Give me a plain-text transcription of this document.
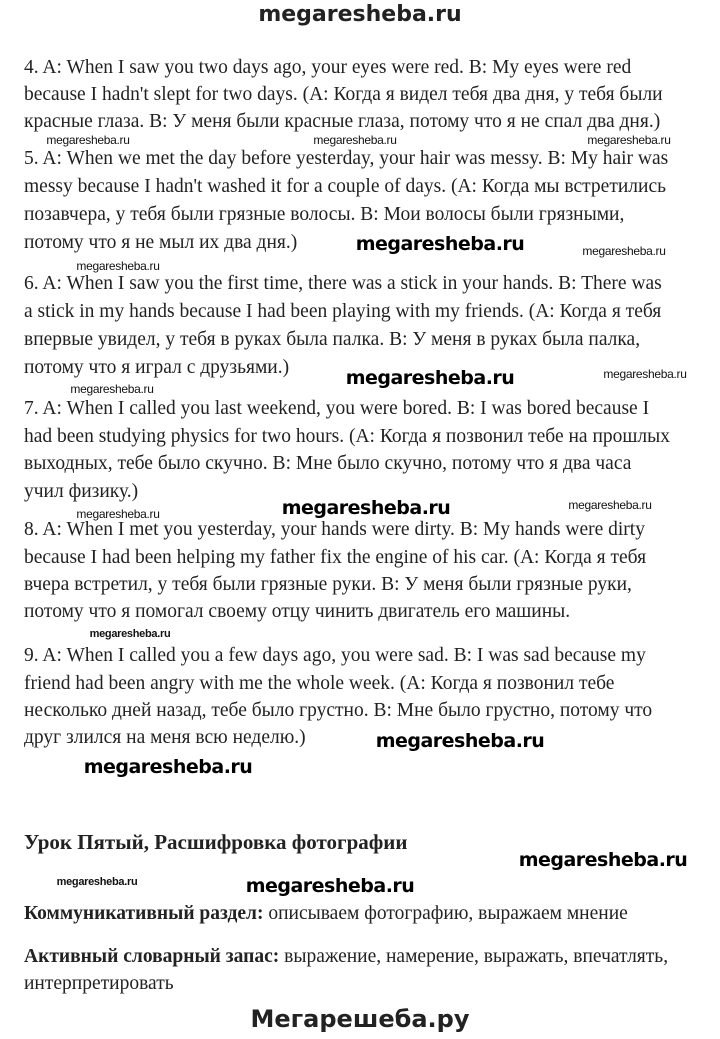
megaresheba.ru
4. A: When I saw you two days ago, your eyes were red. B: My eyes were red
because I hadn't slept for two days. (A: Когда я видел тебя два дня, у тебя были
красные глаза. B: У меня были красные глаза, потому что я не спал два дня.)
5. A: When we met the day before yesterday, your hair was messy. B: My hair was
messy because I hadn't washed it for a couple of days. (A: Когда мы встретились
позавчера, у тебя были грязные волосы. B: Мои волосы были грязными,
потому что я не мыл их два дня.)
6. A: When I saw you the first time, there was a stick in your hands. B: There was
a stick in my hands because I had been playing with my friends. (A: Когда я тебя
впервые увидел, у тебя в руках была палка. B: У меня в руках была палка,
потому что я играл с друзьями.)
7. A: When I called you last weekend, you were bored. B: I was bored because I
had been studying physics for two hours. (A: Когда я позвонил тебе на прошлых
выходных, тебе было скучно. B: Мне было скучно, потому что я два часа
учил физику.)
8. A: When I met you yesterday, your hands were dirty. B: My hands were dirty
because I had been helping my father fix the engine of his car. (A: Когда я тебя
вчера встретил, у тебя были грязные руки. B: У меня были грязные руки,
потому что я помогал своему отцу чинить двигатель его машины.
9. A: When I called you a few days ago, you were sad. B: I was sad because my
friend had been angry with me the whole week. (A: Когда я позвонил тебе
несколько дней назад, тебе было грустно. B: Мне было грустно, потому что
друг злился на меня всю неделю.)
Урок Пятый, Расшифровка фотографии
Коммуникативный раздел: описываем фотографию, выражаем мнение
Активный словарный запас: выражение, намерение, выражать, впечатлять,
интерпретировать
Мегарешеба.ру
megaresheba.ru
megaresheba.ru	megaresheba.ru
megaresheba.ru
megaresheba.ru
megaresheba.ru
megaresheba.ru
megaresheba.ru
megaresheba.ru
megaresheba.ru
megaresheba.ru
megaresheba.ru
megaresheba.ru
megaresheba.ru
megaresheba.ru
megaresheba.ru
megaresheba.ru
megaresheba.ru
